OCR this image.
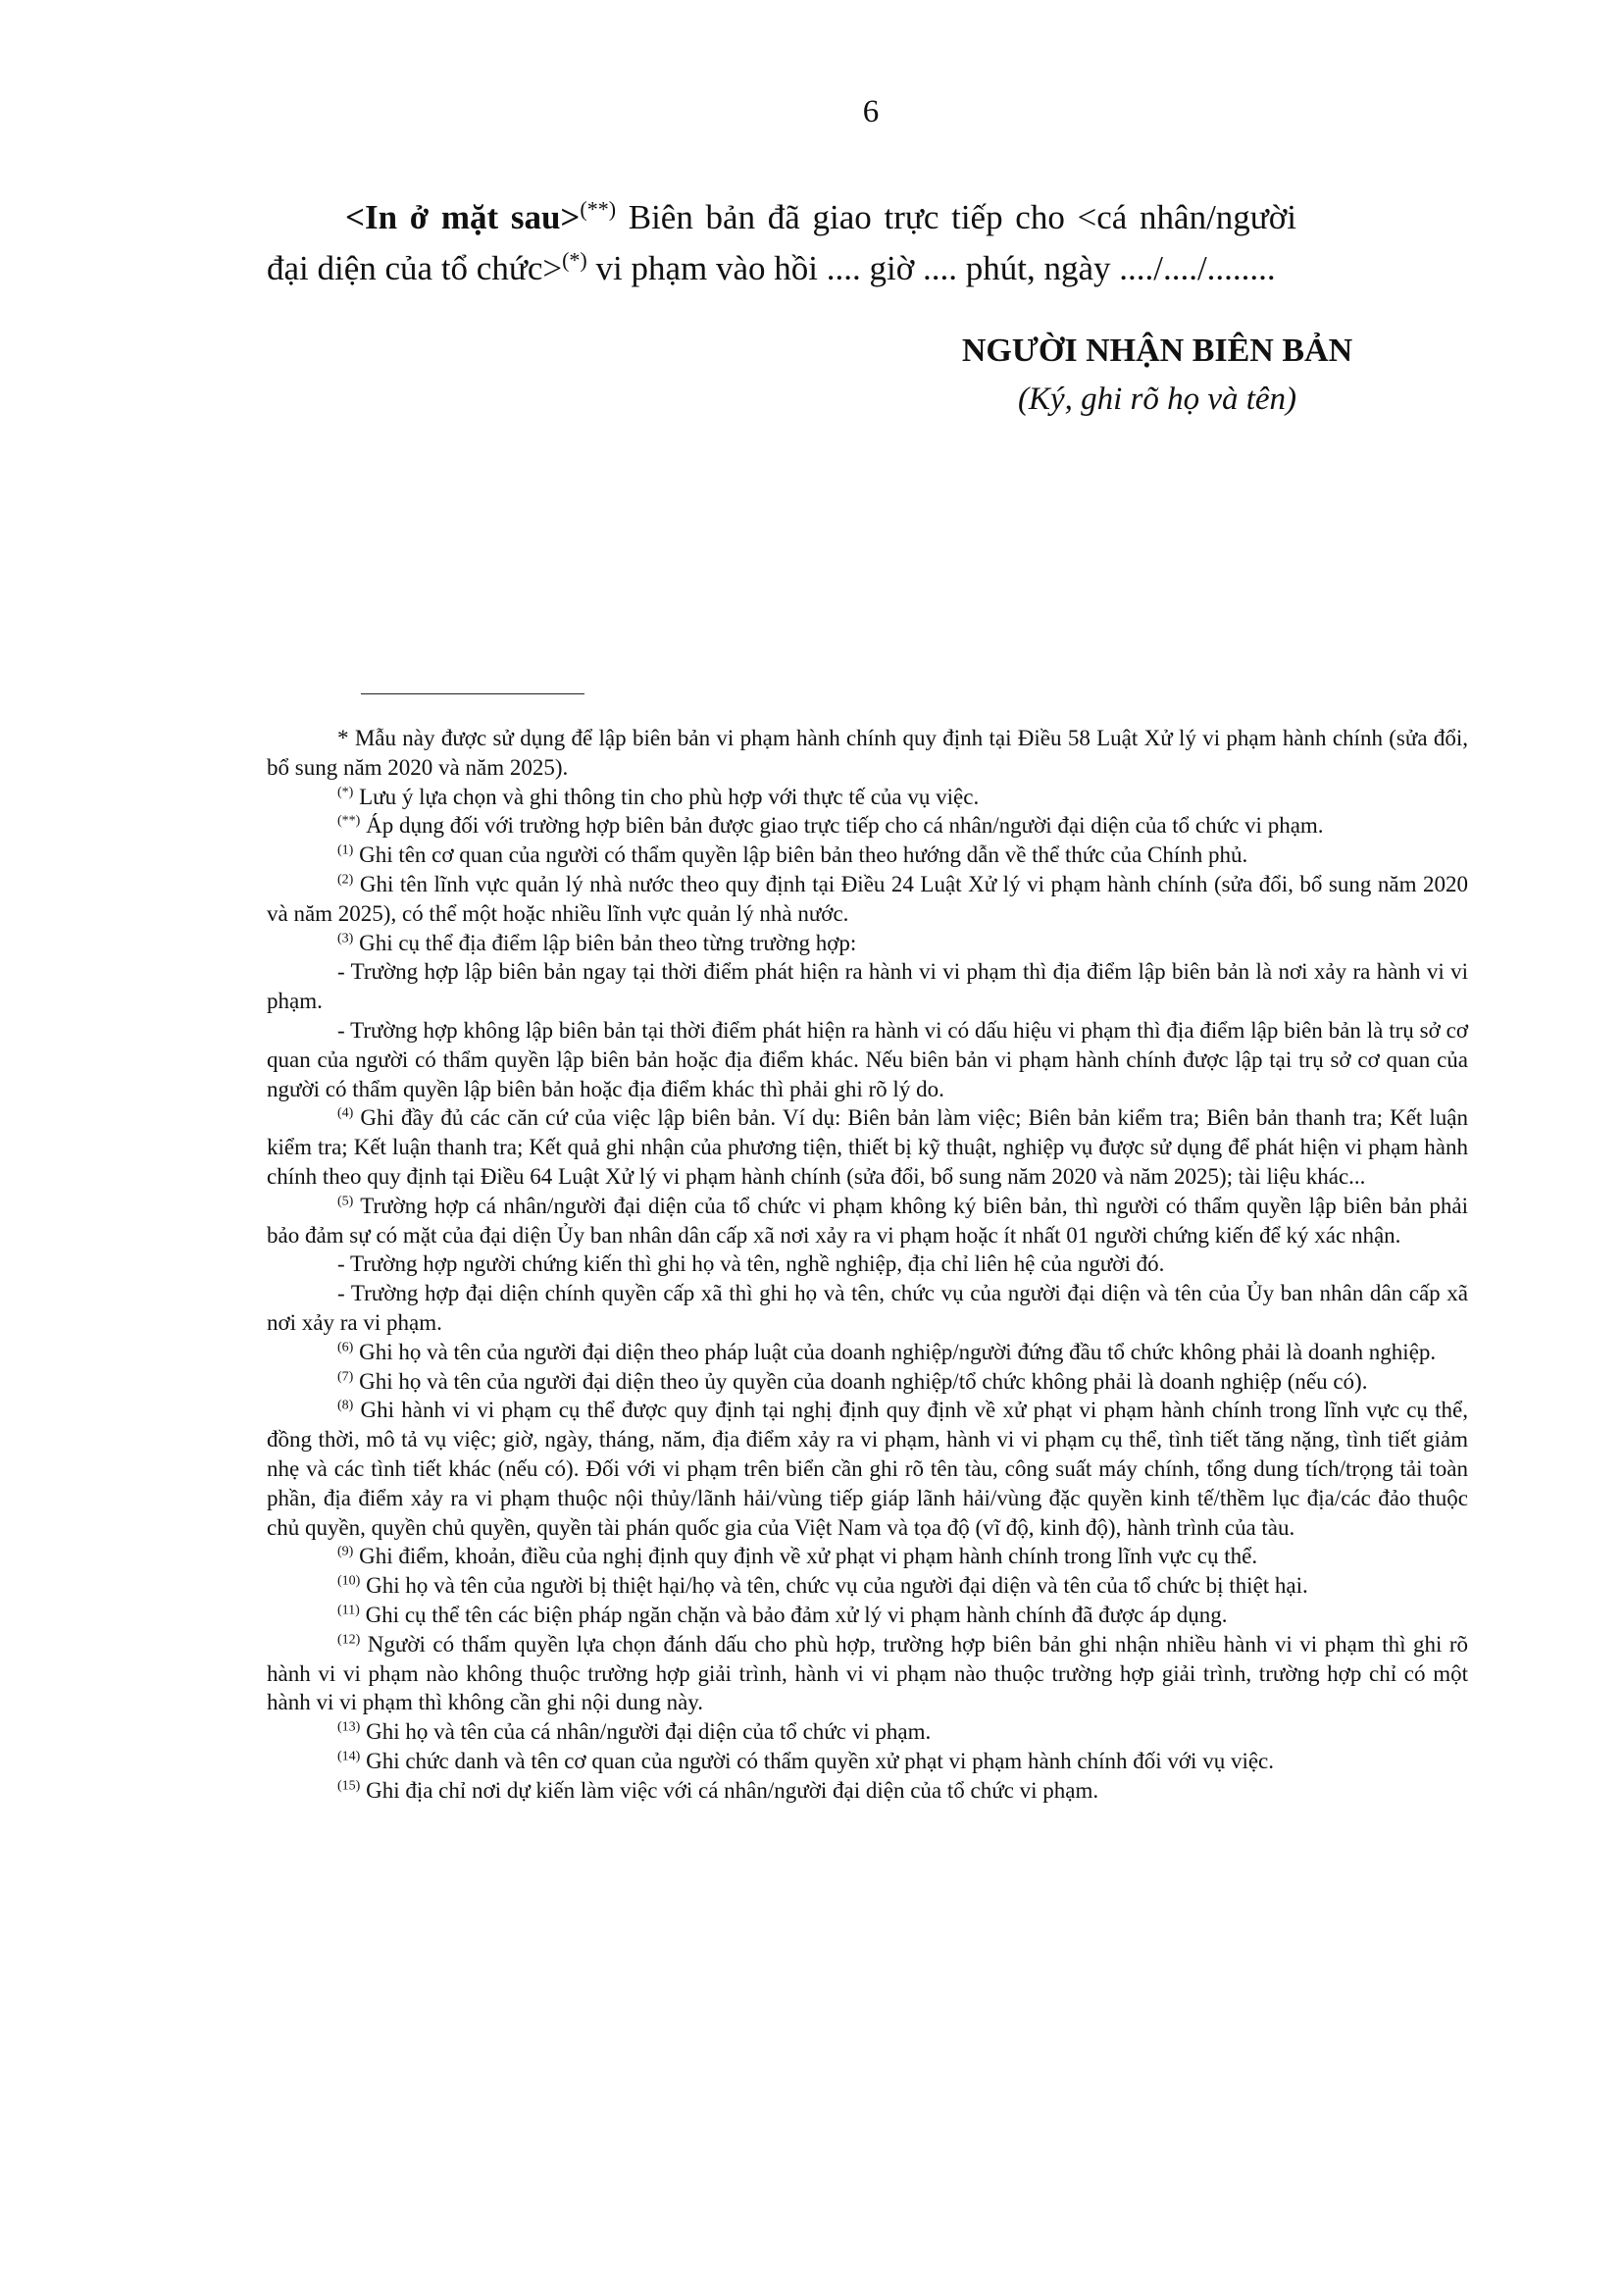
6

<In ở mặt sau>(**) Biên bản đã giao trực tiếp cho <cá nhân/người đại diện của tổ chức>(*) vi phạm vào hồi .... giờ .... phút, ngày ..../..../........

NGƯỜI NHẬN BIÊN BẢN
(Ký, ghi rõ họ và tên)

* Mẫu này được sử dụng để lập biên bản vi phạm hành chính quy định tại Điều 58 Luật Xử lý vi phạm hành chính (sửa đổi, bổ sung năm 2020 và năm 2025).

(*) Lưu ý lựa chọn và ghi thông tin cho phù hợp với thực tế của vụ việc.

(**) Áp dụng đối với trường hợp biên bản được giao trực tiếp cho cá nhân/người đại diện của tổ chức vi phạm.

$^{(1)}$ Ghi tên cơ quan của người có thẩm quyền lập biên bản theo hướng dẫn về thể thức của Chính phủ.

$^{(2)}$ Ghi tên lĩnh vực quản lý nhà nước theo quy định tại Điều 24 Luật Xử lý vi phạm hành chính (sửa đổi, bổ sung năm 2020 và năm 2025), có thể một hoặc nhiều lĩnh vực quản lý nhà nước.

$^{(3)}$ Ghi cụ thể địa điểm lập biên bản theo từng trường hợp:

- Trường hợp lập biên bản ngay tại thời điểm phát hiện ra hành vi vi phạm thì địa điểm lập biên bản là nơi xảy ra hành vi vi phạm.

- Trường hợp không lập biên bản tại thời điểm phát hiện ra hành vi có dấu hiệu vi phạm thì địa điểm lập biên bản là trụ sở cơ quan của người có thẩm quyền lập biên bản hoặc địa điểm khác. Nếu biên bản vi phạm hành chính được lập tại trụ sở cơ quan của người có thẩm quyền lập biên bản hoặc địa điểm khác thì phải ghi rõ lý do.

$^{(4)}$ Ghi đầy đủ các căn cứ của việc lập biên bản. Ví dụ: Biên bản làm việc; Biên bản kiểm tra; Biên bản thanh tra; Kết luận kiểm tra; Kết luận thanh tra; Kết quả ghi nhận của phương tiện, thiết bị kỹ thuật, nghiệp vụ được sử dụng để phát hiện vi phạm hành chính theo quy định tại Điều 64 Luật Xử lý vi phạm hành chính (sửa đổi, bổ sung năm 2020 và năm 2025); tài liệu khác...

$^{(5)}$ Trường hợp cá nhân/người đại diện của tổ chức vi phạm không ký biên bản, thì người có thẩm quyền lập biên bản phải bảo đảm sự có mặt của đại diện Ủy ban nhân dân cấp xã nơi xảy ra vi phạm hoặc ít nhất 01 người chứng kiến để ký xác nhận.

- Trường hợp người chứng kiến thì ghi họ và tên, nghề nghiệp, địa chỉ liên hệ của người đó.

- Trường hợp đại diện chính quyền cấp xã thì ghi họ và tên, chức vụ của người đại diện và tên của Ủy ban nhân dân cấp xã nơi xảy ra vi phạm.

$^{(6)}$ Ghi họ và tên của người đại diện theo pháp luật của doanh nghiệp/người đứng đầu tổ chức không phải là doanh nghiệp.

$^{(7)}$ Ghi họ và tên của người đại diện theo ủy quyền của doanh nghiệp/tổ chức không phải là doanh nghiệp (nếu có).

$^{(8)}$ Ghi hành vi vi phạm cụ thể được quy định tại nghị định quy định về xử phạt vi phạm hành chính trong lĩnh vực cụ thể, đồng thời, mô tả vụ việc; giờ, ngày, tháng, năm, địa điểm xảy ra vi phạm, hành vi vi phạm cụ thể, tình tiết tăng nặng, tình tiết giảm nhẹ và các tình tiết khác (nếu có). Đối với vi phạm trên biển cần ghi rõ tên tàu, công suất máy chính, tổng dung tích/trọng tải toàn phần, địa điểm xảy ra vi phạm thuộc nội thủy/lãnh hải/vùng tiếp giáp lãnh hải/vùng đặc quyền kinh tế/thềm lục địa/các đảo thuộc chủ quyền, quyền chủ quyền, quyền tài phán quốc gia của Việt Nam và tọa độ (vĩ độ, kinh độ), hành trình của tàu.

$^{(9)}$ Ghi điểm, khoản, điều của nghị định quy định về xử phạt vi phạm hành chính trong lĩnh vực cụ thể.

$^{(10)}$ Ghi họ và tên của người bị thiệt hại/họ và tên, chức vụ của người đại diện và tên của tổ chức bị thiệt hại.

$^{(11)}$ Ghi cụ thể tên các biện pháp ngăn chặn và bảo đảm xử lý vi phạm hành chính đã được áp dụng.

$^{(12)}$ Người có thẩm quyền lựa chọn đánh dấu cho phù hợp, trường hợp biên bản ghi nhận nhiều hành vi vi phạm thì ghi rõ hành vi vi phạm nào không thuộc trường hợp giải trình, hành vi vi phạm nào thuộc trường hợp giải trình, trường hợp chỉ có một hành vi vi phạm thì không cần ghi nội dung này.

$^{(13)}$ Ghi họ và tên của cá nhân/người đại diện của tổ chức vi phạm.

$^{(14)}$ Ghi chức danh và tên cơ quan của người có thẩm quyền xử phạt vi phạm hành chính đối với vụ việc.

$^{(15)}$ Ghi địa chỉ nơi dự kiến làm việc với cá nhân/người đại diện của tổ chức vi phạm.
